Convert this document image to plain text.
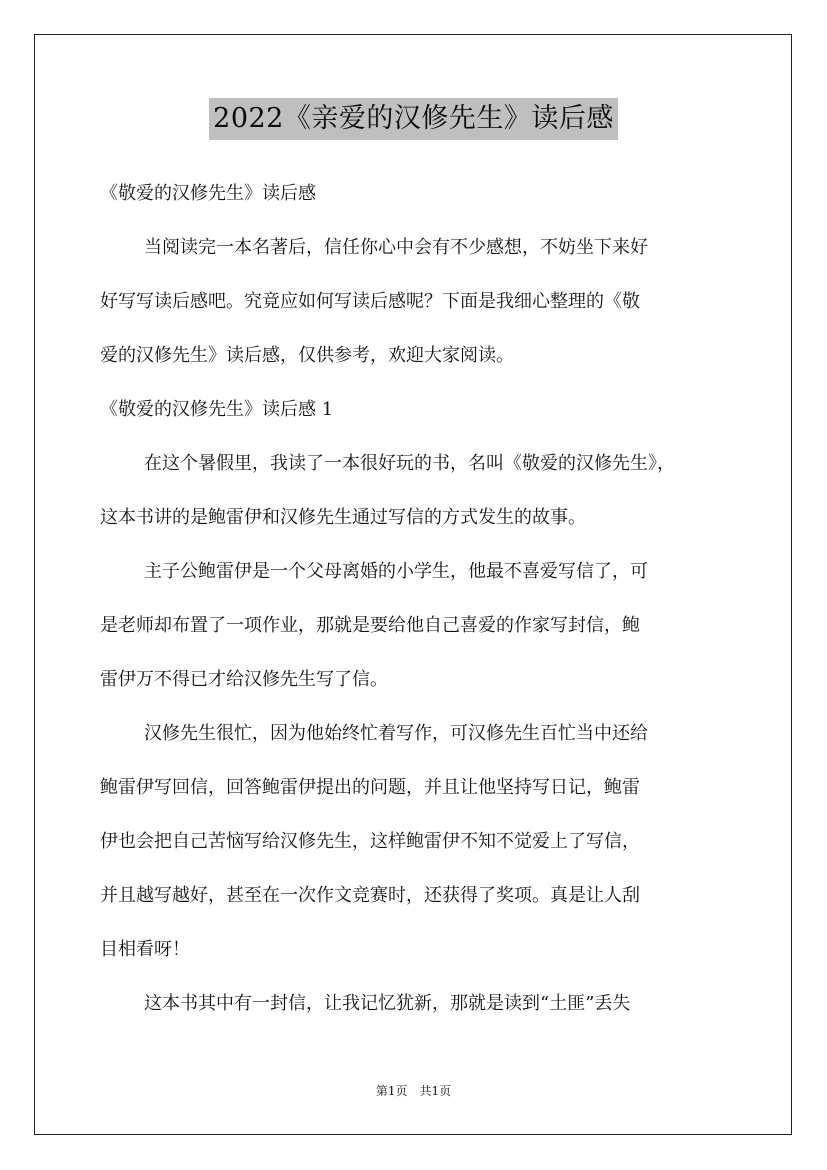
2022《亲爱的汉修先生》读后感
《敬爱的汉修先生》读后感
当阅读完一本名著后，信任你心中会有不少感想，不妨坐下来好
好写写读后感吧。究竟应如何写读后感呢？下面是我细心整理的《敬
爱的汉修先生》读后感，仅供参考，欢迎大家阅读。
《敬爱的汉修先生》读后感 1
在这个暑假里，我读了一本很好玩的书，名叫《敬爱的汉修先生》，
这本书讲的是鲍雷伊和汉修先生通过写信的方式发生的故事。
主子公鲍雷伊是一个父母离婚的小学生，他最不喜爱写信了，可
是老师却布置了一项作业，那就是要给他自己喜爱的作家写封信，鲍
雷伊万不得已才给汉修先生写了信。
汉修先生很忙，因为他始终忙着写作，可汉修先生百忙当中还给
鲍雷伊写回信，回答鲍雷伊提出的问题，并且让他坚持写日记，鲍雷
伊也会把自己苦恼写给汉修先生，这样鲍雷伊不知不觉爱上了写信，
并且越写越好，甚至在一次作文竞赛时，还获得了奖项。真是让人刮
目相看呀！
这本书其中有一封信，让我记忆犹新，那就是读到“土匪”丢失
第1页　共1页
